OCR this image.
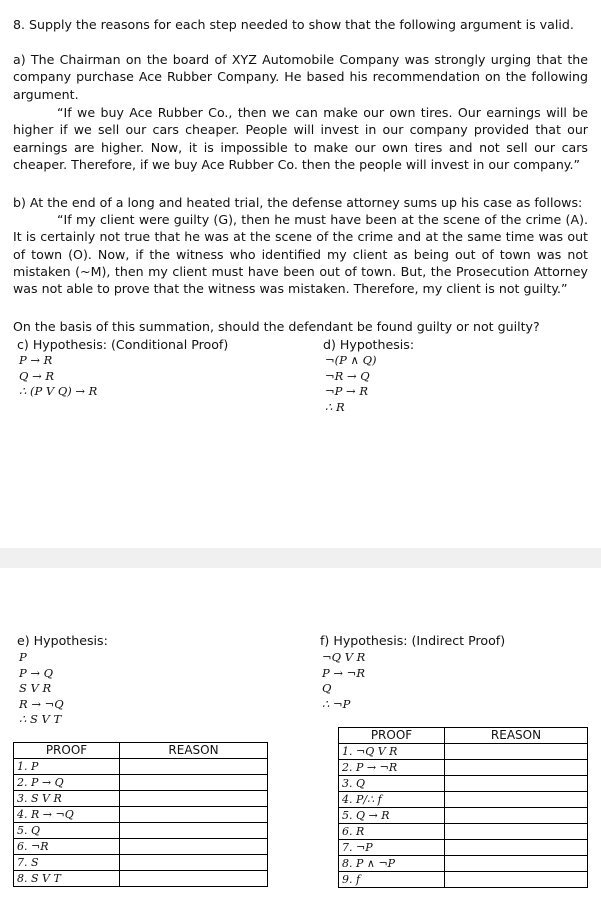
8. Supply the reasons for each step needed to show that the following argument is valid.

a) The Chairman on the board of XYZ Automobile Company was strongly urging that the company purchase Ace Rubber Company. He based his recommendation on the following argument.

“If we buy Ace Rubber Co., then we can make our own tires. Our earnings will be higher if we sell our cars cheaper. People will invest in our company provided that our earnings are higher. Now, it is impossible to make our own tires and not sell our cars cheaper. Therefore, if we buy Ace Rubber Co. then the people will invest in our company.”

b) At the end of a long and heated trial, the defense attorney sums up his case as follows:

“If my client were guilty (G), then he must have been at the scene of the crime (A). It is certainly not true that he was at the scene of the crime and at the same time was out of town (O). Now, if the witness who identified my client as being out of town was not mistaken (~M), then my client must have been out of town. But, the Prosecution Attorney was not able to prove that the witness was mistaken. Therefore, my client is not guilty.”

On the basis of this summation, should the defendant be found guilty or not guilty?

c) Hypothesis: (Conditional Proof)

P → R
Q → R
∴ (P V Q) → R

d) Hypothesis:

¬(P ∧ Q)
¬R → Q
¬P → R
∴ R

e) Hypothesis:

P
P → Q
S V R
R → ¬Q
∴ S V T
PROOF	REASON
1. P	
2. P → Q	
3. S V R	
4. R → ¬Q	
5. Q	
6. ¬R	
7. S	
8. S V T	

f) Hypothesis: (Indirect Proof)

¬Q V R
P → ¬R
Q
∴ ¬P
PROOF	REASON
1. ¬Q V R	
2. P → ¬R	
3. Q	
4. P/∴ f	
5. Q → R	
6. R	
7. ¬P	
8. P ∧ ¬P	
9. f	
